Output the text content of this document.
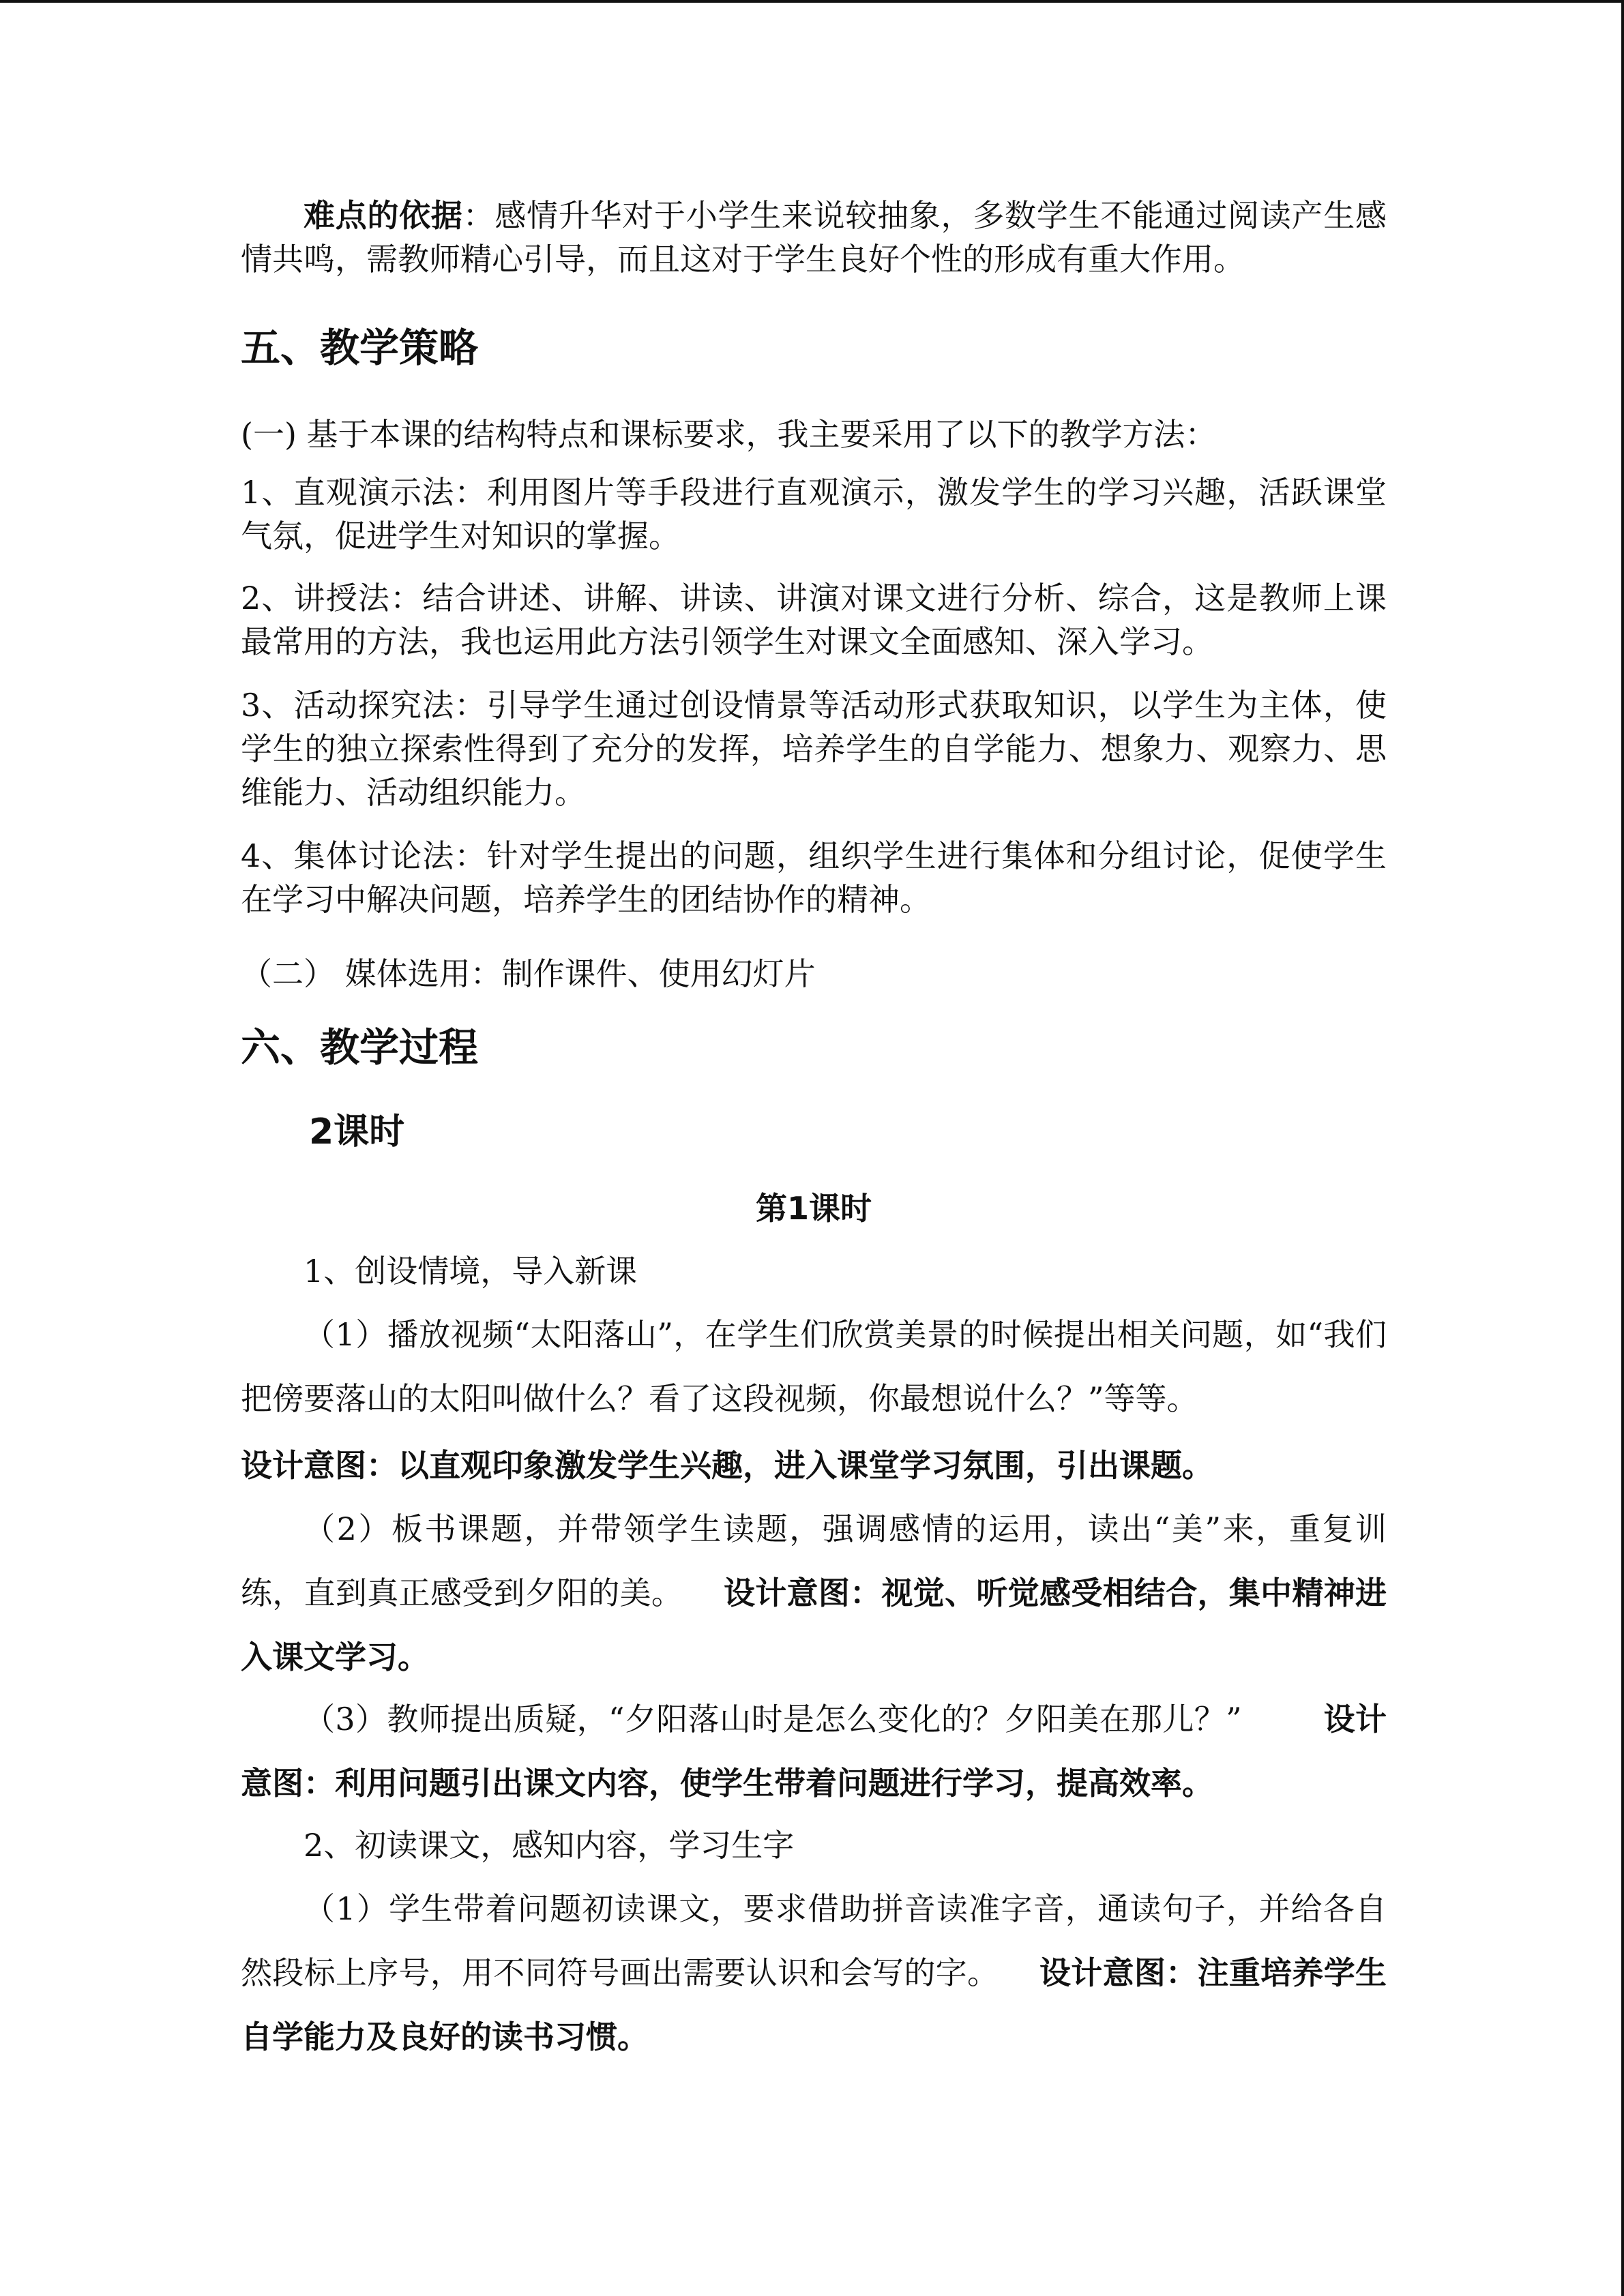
难点的依据：感情升华对于小学生来说较抽象，多数学生不能通过阅读产生感情共鸣，需教师精心引导，而且这对于学生良好个性的形成有重大作用。

五、教学策略

(一) 基于本课的结构特点和课标要求，我主要采用了以下的教学方法：

1、直观演示法：利用图片等手段进行直观演示，激发学生的学习兴趣，活跃课堂气氛，促进学生对知识的掌握。

2、讲授法：结合讲述、讲解、讲读、讲演对课文进行分析、综合，这是教师上课最常用的方法，我也运用此方法引领学生对课文全面感知、深入学习。

3、活动探究法：引导学生通过创设情景等活动形式获取知识，以学生为主体，使学生的独立探索性得到了充分的发挥，培养学生的自学能力、想象力、观察力、思维能力、活动组织能力。

4、集体讨论法：针对学生提出的问题，组织学生进行集体和分组讨论，促使学生在学习中解决问题，培养学生的团结协作的精神。

（二） 媒体选用：制作课件、使用幻灯片

六、教学过程
2课时

第1课时

1、创设情境，导入新课

（1）播放视频“太阳落山”，在学生们欣赏美景的时候提出相关问题，如“我们把傍要落山的太阳叫做什么？看了这段视频，你最想说什么？”等等。

设计意图：以直观印象激发学生兴趣，进入课堂学习氛围，引出课题。

（2）板书课题，并带领学生读题，强调感情的运用，读出“美”来，重复训练，直到真正感受到夕阳的美。 设计意图：视觉、听觉感受相结合，集中精神进入课文学习。

（3）教师提出质疑，“夕阳落山时是怎么变化的？夕阳美在那儿？”	设计意图：利用问题引出课文内容，使学生带着问题进行学习，提高效率。

2、初读课文，感知内容，学习生字

（1）学生带着问题初读课文，要求借助拼音读准字音，通读句子，并给各自然段标上序号，用不同符号画出需要认识和会写的字。 设计意图：注重培养学生自学能力及良好的读书习惯。
